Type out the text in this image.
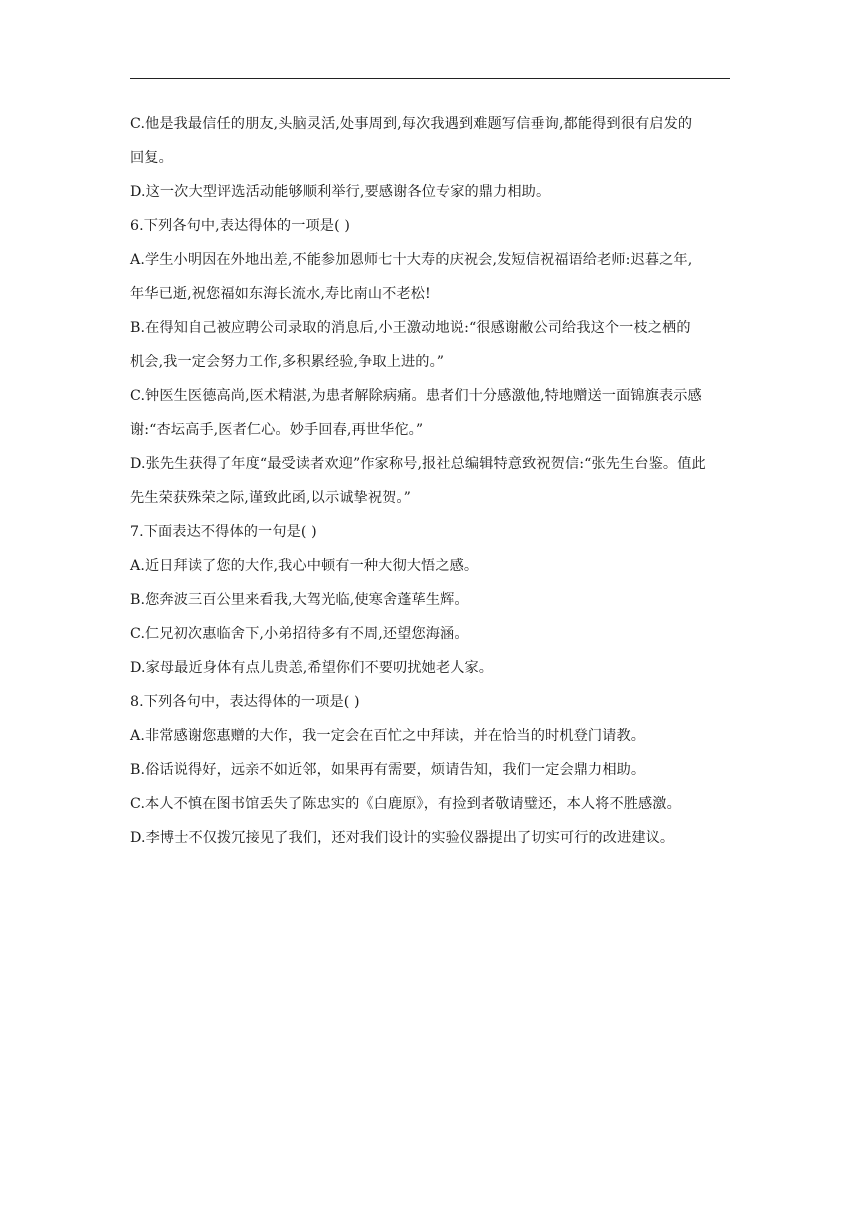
C.他是我最信任的朋友,头脑灵活,处事周到,每次我遇到难题写信垂询,都能得到很有启发的
回复。
D.这一次大型评选活动能够顺利举行,要感谢各位专家的鼎力相助。
6.下列各句中,表达得体的一项是( )
A.学生小明因在外地出差,不能参加恩师七十大寿的庆祝会,发短信祝福语给老师:迟暮之年,
年华已逝,祝您福如东海长流水,寿比南山不老松!
B.在得知自己被应聘公司录取的消息后,小王激动地说:“很感谢敝公司给我这个一枝之栖的
机会,我一定会努力工作,多积累经验,争取上进的。”
C.钟医生医德高尚,医术精湛,为患者解除病痛。患者们十分感激他,特地赠送一面锦旗表示感
谢:“杏坛高手,医者仁心。妙手回春,再世华佗。”
D.张先生获得了年度“最受读者欢迎”作家称号,报社总编辑特意致祝贺信:“张先生台鉴。值此
先生荣获殊荣之际,谨致此函,以示诚挚祝贺。”
7.下面表达不得体的一句是( )
A.近日拜读了您的大作,我心中顿有一种大彻大悟之感。
B.您奔波三百公里来看我,大驾光临,使寒舍蓬荜生辉。
C.仁兄初次惠临舍下,小弟招待多有不周,还望您海涵。
D.家母最近身体有点儿贵恙,希望你们不要叨扰她老人家。
8.下列各句中，表达得体的一项是( )
A.非常感谢您惠赠的大作，我一定会在百忙之中拜读，并在恰当的时机登门请教。
B.俗话说得好，远亲不如近邻，如果再有需要，烦请告知，我们一定会鼎力相助。
C.本人不慎在图书馆丢失了陈忠实的《白鹿原》，有捡到者敬请璧还，本人将不胜感激。
D.李博士不仅拨冗接见了我们，还对我们设计的实验仪器提出了切实可行的改进建议。
